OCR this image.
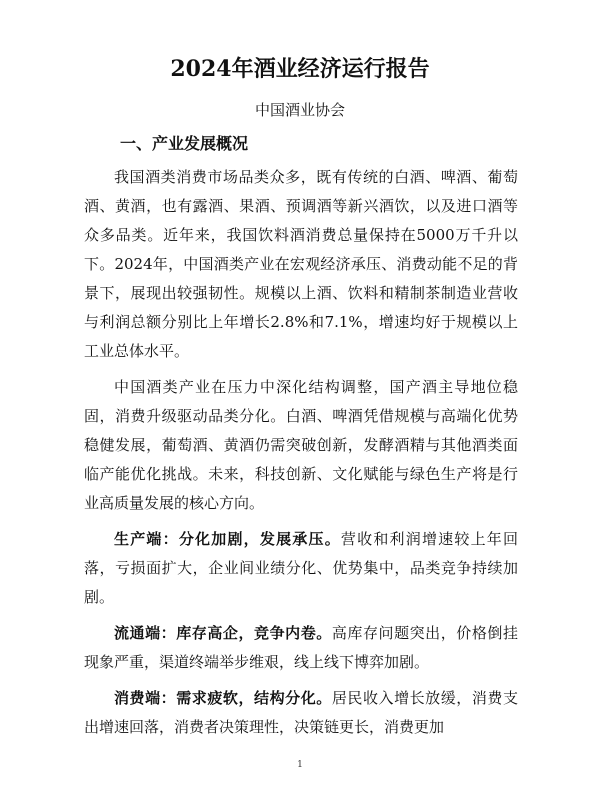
2024年酒业经济运行报告
中国酒业协会
一、产业发展概况

我国酒类消费市场品类众多，既有传统的白酒、啤酒、葡萄酒、黄酒，也有露酒、果酒、预调酒等新兴酒饮，以及进口酒等众多品类。近年来，我国饮料酒消费总量保持在5000万千升以下。2024年，中国酒类产业在宏观经济承压、消费动能不足的背景下，展现出较强韧性。规模以上酒、饮料和精制茶制造业营收与利润总额分别比上年增长2.8%和7.1%，增速均好于规模以上工业总体水平。

中国酒类产业在压力中深化结构调整，国产酒主导地位稳固，消费升级驱动品类分化。白酒、啤酒凭借规模与高端化优势稳健发展，葡萄酒、黄酒仍需突破创新，发酵酒精与其他酒类面临产能优化挑战。未来，科技创新、文化赋能与绿色生产将是行业高质量发展的核心方向。

生产端：分化加剧，发展承压。营收和利润增速较上年回落，亏损面扩大，企业间业绩分化、优势集中，品类竞争持续加剧。

流通端：库存高企，竞争内卷。高库存问题突出，价格倒挂现象严重，渠道终端举步维艰，线上线下博弈加剧。

消费端：需求疲软，结构分化。居民收入增长放缓，消费支出增速回落，消费者决策理性，决策链更长，消费更加

1
